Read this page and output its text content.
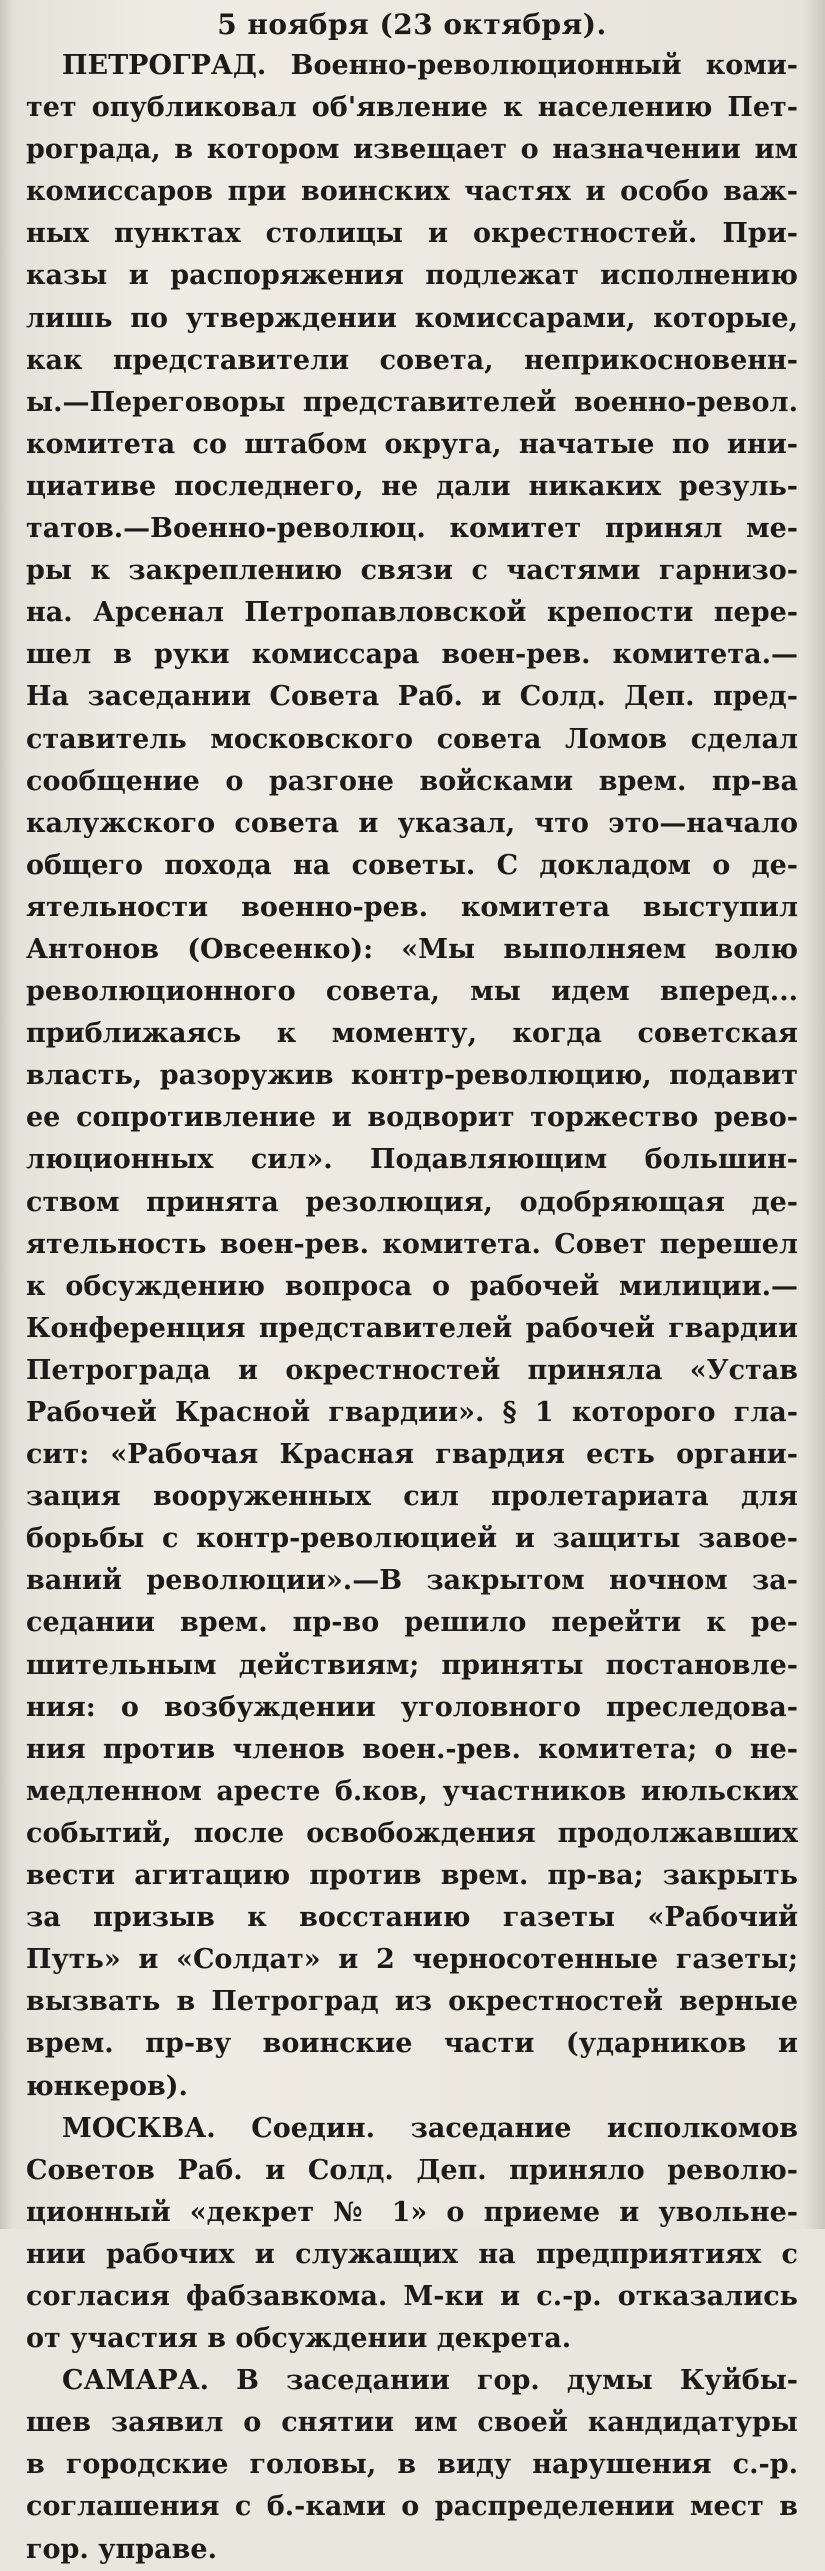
5 ноября (23 октября).
ПЕТРОГРАД. Военно-революционный коми-
тет опубликовал об'явление к населению Пет-
рограда, в котором извещает о назначении им
комиссаров при воинских частях и особо важ-
ных пунктах столицы и окрестностей. При-
казы и распоряжения подлежат исполнению
лишь по утверждении комиссарами, которые,
как представители совета, неприкосновенн-
ы.—Переговоры представителей военно-револ.
комитета со штабом округа, начатые по ини-
циативе последнего, не дали никаких резуль-
татов.—Военно-революц. комитет принял ме-
ры к закреплению связи с частями гарнизо-
на. Арсенал Петропавловской крепости пере-
шел в руки комиссара воен-рев. комитета.—
На заседании Совета Раб. и Солд. Деп. пред-
ставитель московского совета Ломов сделал
сообщение о разгоне войсками врем. пр-ва
калужского совета и указал, что это—начало
общего похода на советы. С докладом о де-
ятельности военно-рев. комитета выступил
Антонов (Овсеенко): «Мы выполняем волю
революционного совета, мы идем вперед...
приближаясь к моменту, когда советская
власть, разоружив контр-революцию, подавит
ее сопротивление и водворит торжество рево-
люционных сил». Подавляющим большин-
ством принята резолюция, одобряющая де-
ятельность воен-рев. комитета. Совет перешел
к обсуждению вопроса о рабочей милиции.—
Конференция представителей рабочей гвардии
Петрограда и окрестностей приняла «Устав
Рабочей Красной гвардии». § 1 которого гла-
сит: «Рабочая Красная гвардия есть органи-
зация вооруженных сил пролетариата для
борьбы с контр-революцией и защиты завое-
ваний революции».—В закрытом ночном за-
седании врем. пр-во решило перейти к ре-
шительным действиям; приняты постановле-
ния: о возбуждении уголовного преследова-
ния против членов воен.-рев. комитета; о не-
медленном аресте б.ков, участников июльских
событий, после освобождения продолжавших
вести агитацию против врем. пр-ва; закрыть
за призыв к восстанию газеты «Рабочий
Путь» и «Солдат» и 2 черносотенные газеты;
вызвать в Петроград из окрестностей верные
врем. пр-ву воинские части (ударников и
юнкеров).
МОСКВА. Соедин. заседание исполкомов
Советов Раб. и Солд. Деп. приняло револю-
ционный «декрет № 1» о приеме и увольне-
нии рабочих и служащих на предприятиях с
согласия фабзавкома. М-ки и с.-р. отказались
от участия в обсуждении декрета.
САМАРА. В заседании гор. думы Куйбы-
шев заявил о снятии им своей кандидатуры
в городские головы, в виду нарушения с.-р.
соглашения с б.-ками о распределении мест в
гор. управе.
